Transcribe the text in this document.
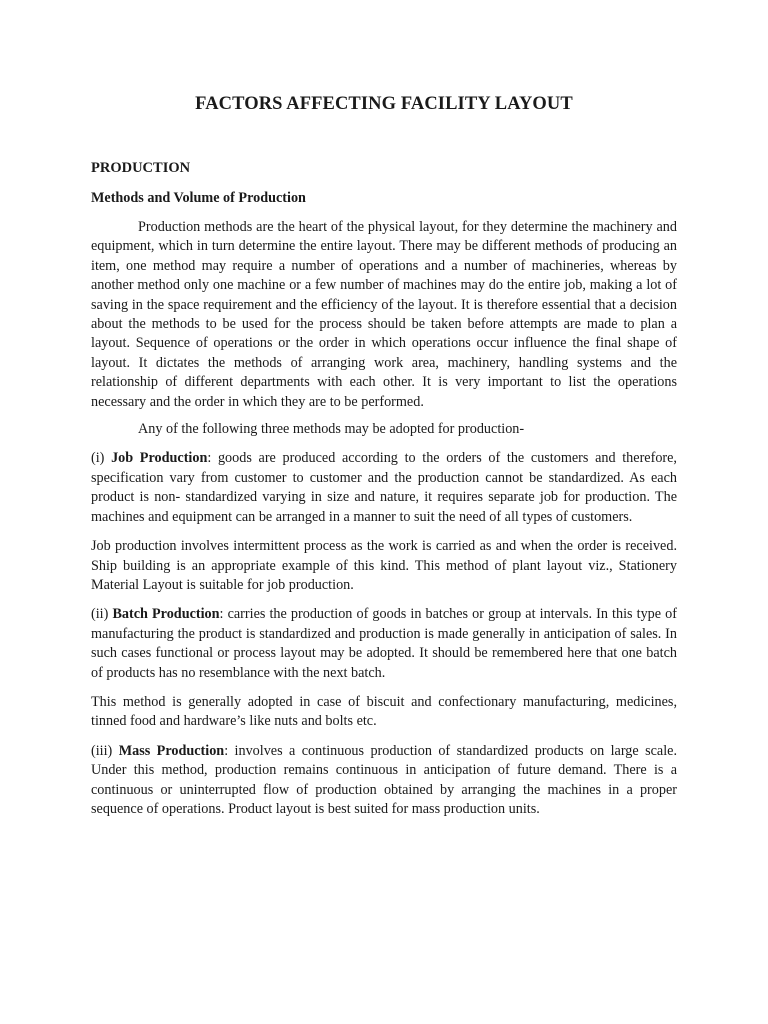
FACTORS AFFECTING FACILITY LAYOUT
PRODUCTION
Methods and Volume of Production

Production methods are the heart of the physical layout, for they determine the machinery and equipment, which in turn determine the entire layout. There may be different methods of producing an item, one method may require a number of operations and a number of machineries, whereas by another method only one machine or a few number of machines may do the entire job, making a lot of saving in the space requirement and the efficiency of the layout. It is therefore essential that a decision about the methods to be used for the process should be taken before attempts are made to plan a layout. Sequence of operations or the order in which operations occur influence the final shape of layout. It dictates the methods of arranging work area, machinery, handling systems and the relationship of different departments with each other. It is very important to list the operations necessary and the order in which they are to be performed.

Any of the following three methods may be adopted for production-

(i) Job Production: goods are produced according to the orders of the customers and therefore, specification vary from customer to customer and the production cannot be standardized. As each product is non- standardized varying in size and nature, it requires separate job for production. The machines and equipment can be arranged in a manner to suit the need of all types of customers.

Job production involves intermittent process as the work is carried as and when the order is received. Ship building is an appropriate example of this kind. This method of plant layout viz., Stationery Material Layout is suitable for job production.

(ii) Batch Production: carries the production of goods in batches or group at intervals. In this type of manufacturing the product is standardized and production is made generally in anticipation of sales. In such cases functional or process layout may be adopted. It should be remembered here that one batch of products has no resemblance with the next batch.

This method is generally adopted in case of biscuit and confectionary manufacturing, medicines, tinned food and hardware’s like nuts and bolts etc.

(iii) Mass Production: involves a continuous production of standardized products on large scale. Under this method, production remains continuous in anticipation of future demand. There is a continuous or uninterrupted flow of production obtained by arranging the machines in a proper sequence of operations. Product layout is best suited for mass production units.
